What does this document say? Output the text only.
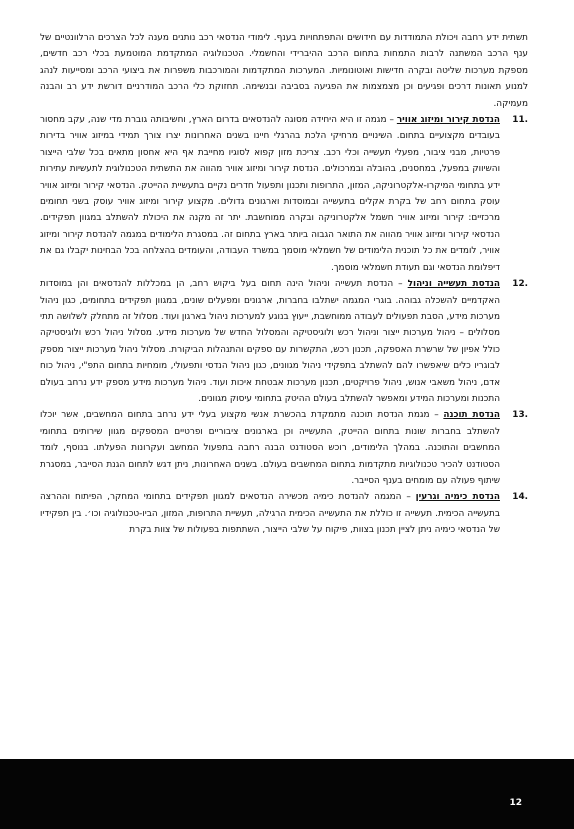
תשתית ידע רחבה ויכולת התמודדות עם חידושים והתפתחויות בענף. לימודי הנדסאי רכב נותנים מענה לכל הצרכים הרלוונטיים של ענף הרכב המשתנה לרבות התמחות בתחום הרכב ההיברידי והחשמלי. הטכנולוגיה המתקדמת המוטמעת בכלי רכב חדשים, מספקת מערכות שליטה ובקרה חדישות ואוטונומיות. המערכות המתקדמות והמורכבות משפרות את ביצועי הרכב ומסייעות לנהג למנוע תאונות דרכים ופגיעים וכן מצמצמות את הפגיעה בסביבה ובנשימה. תחזוקת כלי הרכב המודרניים דורשת ידע רב והבנה מעמיקה.

11.
הנדסת קירור ומיזוג אוויר – מגמה זו היא היחידה מסוגה להנדסאים בדרום הארץ, וחשיבותה גוברת מדי שנה, עקב מחסור בעובדים מקצועיים בתחום. השינויים מרחיקי הלכת בהרגלי חיינו בשנים האחרונות יצרו צורך תמידי במיזוג אוויר בדירות פרטיות, מבני ציבור, מפעלי תעשייה וכלי רכב. צריכת מזון קפוא לסוגיו מחייבת אף היא אחסון מתאים בכל שלבי הייצור והשיווק במפעל, במחסנים, בהובלה ובמרכולים. הנדסת קירור ומיזוג אוויר מהווה את התשתית הטכנולוגית לתעשיות עתירות ידע בתחומי המיקרו-אלקטרוניקה, המזון, התרופות ותכנון ותפעול חדרים נקיים בתעשיית ההייטק. הנדסאי קירור ומיזוג אוויר עוסק בתחום רחב של בקרת אקלים בתעשייה ובמוסדות וארגונים גדולים. מקצוע קירור ומיזוג אוויר עוסק בשני תחומים מרכזיים: קירור ומיזוג אוויר חשמל אלקטרוניקה ובקרה ממוחשבת. יתר זה מקנה את היכולת להשתלב במגוון תפקידים. הנדסאי קירור ומיזוג אוויר מהווה את התואר הגבוה ביותר בארץ בתחום זה. במסגרת הלימודים במגמה להנדסת קירור ומיזוג אוויר, לומדים את כל תוכנית הלימודים של חשמלאי מוסמך במשרד העבודה, והעומדים בהצלחה בכל הבחינות יקבלו גם את דיפלומת הנדסאי וגם תעודת חשמלאי מוסמך.

12.
הנדסת תעשייה וניהול – הנדסת תעשייה וניהול הינה תחום בעל ביקוש רחב, הן במכללות להנדסאים והן במוסדות האקדמיים להשכלה גבוהה. בוגרי המגמה ישתלבו בחברות, ארגונים ומפעלים שונים, במגוון תפקידים בתחומים, כגון ניהול מערכות מידע, הסבת תפעולים לעבודה ממוחשבת, ייעוץ בנוגע למערכות ניהול בארגון ועוד. מסלול זה מתחלק לשלושה תתי מסלולים – ניהול מערכות ייצור וניהול רכש ולוגיסטיקה והמסלול החדש של מערכות מידע. מסלול ניהול רכש ולוגיסטיקה כולל אפיון של שרשרת האספקה, תכנון רכש, התקשרות עם ספקים והתנהלות הביקורת. מסלול ניהול מערכות ייצור מספק לבוגריו כלים שיאפשרו להם להשתלב בתפקידי ניהול מגוונים, כגון ניהול הנדסי ותפעולי, מומחיות בתחום התפ"י, ניהול כוח אדם, ניהול משאבי אנוש, ניהול פרויקטים, תכנון מערכות אבטחת איכות ועוד. ניהול מערכות מידע מספק ידע נרחב בעולם התכנות ומערכות המידע ומאפשר להשתלב בעולם ההיטק בתחומי עיסוק מגוונים.

13.
הנדסת תוכנה – מגמת הנדסת תוכנה מתמקדת בהכשרת אנשי מקצוע בעלי ידע נרחב בתחום המחשבים, אשר יוכלו להשתלב בחברות שונות בתחום ההייטק, התעשייה וכן בארגונים ציבוריים ופרטיים המספקים מגוון שירותים בתחומי המחשבים והתוכנה. במהלך הלימודים, רוכש הסטודנט הבנה רחבה בתפעול המחשב ועקרונות הפעלתו. בנוסף, לומד הסטודנט להכיר טכנולוגיות מתקדמות בתחום המחשבים בעולם. בשנים האחרונות, ניתן דגש לתחום הגנת הסייבר, במסגרת שיתוף פעולה עם מומחים בענף הסייבר.

14.
הנדסת כימיה וגרעין – המגמה להנדסת כימיה מכשירה הנדסאים למגוון תפקידים בתחומי המחקר, הפיתוח וההרצה בתעשייה הכימית. תעשייה זו כוללת את התעשייה הכימית הרגילה, תעשיית התרופות, המזון, הביו-טכנולוגיה וכו׳. בין תפקידיו של הנדסאי כימיה ניתן לציין תכנון בצוות, פיקוח על שלבי הייצור, השתתפות בפעולות של צוות בקרת

12
